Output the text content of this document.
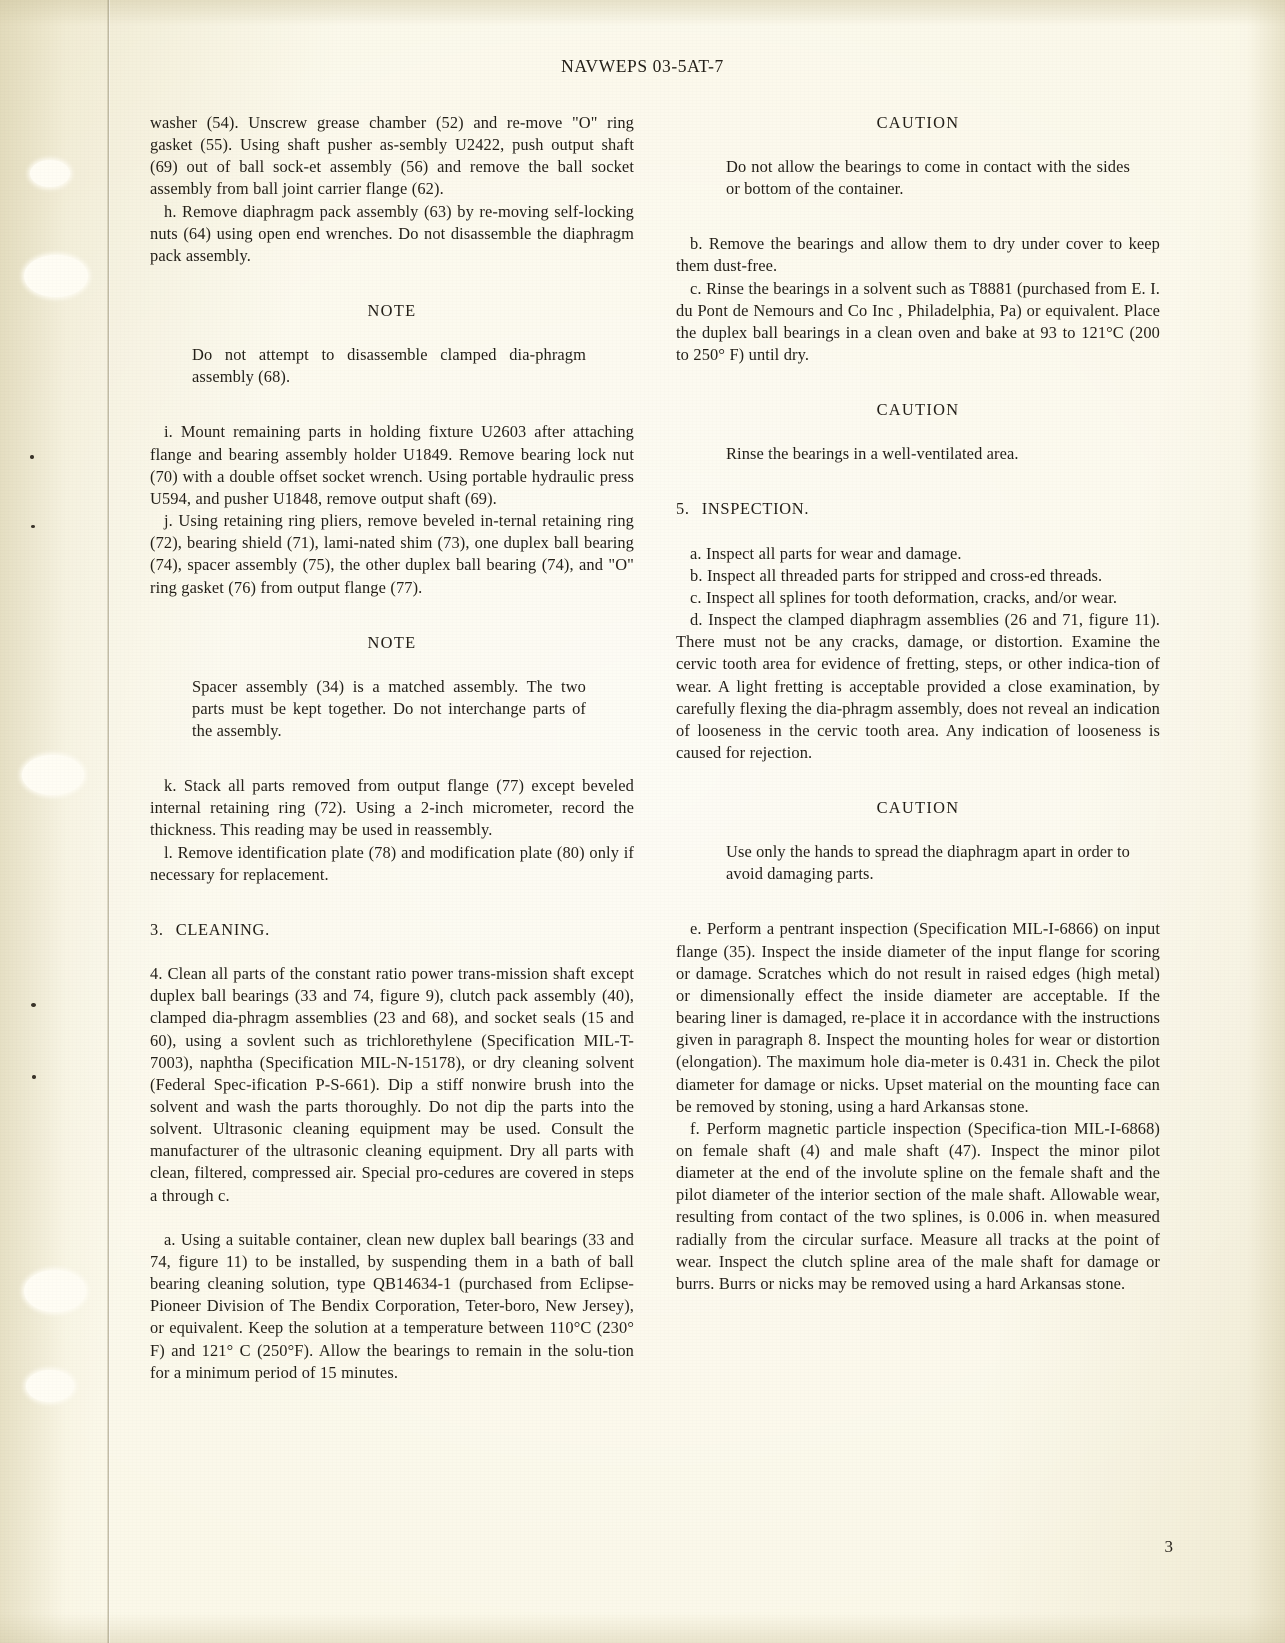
NAVWEPS 03-5AT-7

washer (54). Unscrew grease chamber (52) and re-move "O" ring gasket (55). Using shaft pusher as-sembly U2422, push output shaft (69) out of ball sock-et assembly (56) and remove the ball socket assembly from ball joint carrier flange (62).

h. Remove diaphragm pack assembly (63) by re-moving self-locking nuts (64) using open end wrenches. Do not disassemble the diaphragm pack assembly.

NOTE

Do not attempt to disassemble clamped dia-phragm assembly (68).

i. Mount remaining parts in holding fixture U2603 after attaching flange and bearing assembly holder U1849. Remove bearing lock nut (70) with a double offset socket wrench. Using portable hydraulic press U594, and pusher U1848, remove output shaft (69).

j. Using retaining ring pliers, remove beveled in-ternal retaining ring (72), bearing shield (71), lami-nated shim (73), one duplex ball bearing (74), spacer assembly (75), the other duplex ball bearing (74), and "O" ring gasket (76) from output flange (77).

NOTE

Spacer assembly (34) is a matched assembly. The two parts must be kept together. Do not interchange parts of the assembly.

k. Stack all parts removed from output flange (77) except beveled internal retaining ring (72). Using a 2-inch micrometer, record the thickness. This reading may be used in reassembly.

l. Remove identification plate (78) and modification plate (80) only if necessary for replacement.

3. CLEANING.

4. Clean all parts of the constant ratio power trans-mission shaft except duplex ball bearings (33 and 74, figure 9), clutch pack assembly (40), clamped dia-phragm assemblies (23 and 68), and socket seals (15 and 60), using a sovlent such as trichlorethylene (Specification MIL-T-7003), naphtha (Specification MIL-N-15178), or dry cleaning solvent (Federal Spec-ification P-S-661). Dip a stiff nonwire brush into the solvent and wash the parts thoroughly. Do not dip the parts into the solvent. Ultrasonic cleaning equipment may be used. Consult the manufacturer of the ultrasonic cleaning equipment. Dry all parts with clean, filtered, compressed air. Special pro-cedures are covered in steps a through c.

a. Using a suitable container, clean new duplex ball bearings (33 and 74, figure 11) to be installed, by suspending them in a bath of ball bearing cleaning solution, type QB14634-1 (purchased from Eclipse-Pioneer Division of The Bendix Corporation, Teter-boro, New Jersey), or equivalent. Keep the solution at a temperature between 110°C (230° F) and 121° C (250°F). Allow the bearings to remain in the solu-tion for a minimum period of 15 minutes.

CAUTION

Do not allow the bearings to come in contact with the sides or bottom of the container.

b. Remove the bearings and allow them to dry under cover to keep them dust-free.

c. Rinse the bearings in a solvent such as T8881 (purchased from E. I. du Pont de Nemours and Co Inc , Philadelphia, Pa) or equivalent. Place the duplex ball bearings in a clean oven and bake at 93 to 121°C (200 to 250° F) until dry.

CAUTION

Rinse the bearings in a well-ventilated area.

5. INSPECTION.

a. Inspect all parts for wear and damage.

b. Inspect all threaded parts for stripped and cross-ed threads.

c. Inspect all splines for tooth deformation, cracks, and/or wear.

d. Inspect the clamped diaphragm assemblies (26 and 71, figure 11). There must not be any cracks, damage, or distortion. Examine the cervic tooth area for evidence of fretting, steps, or other indica-tion of wear. A light fretting is acceptable provided a close examination, by carefully flexing the dia-phragm assembly, does not reveal an indication of looseness in the cervic tooth area. Any indication of looseness is caused for rejection.

CAUTION

Use only the hands to spread the diaphragm apart in order to avoid damaging parts.

e. Perform a pentrant inspection (Specification MIL-I-6866) on input flange (35). Inspect the inside diameter of the input flange for scoring or damage. Scratches which do not result in raised edges (high metal) or dimensionally effect the inside diameter are acceptable. If the bearing liner is damaged, re-place it in accordance with the instructions given in paragraph 8. Inspect the mounting holes for wear or distortion (elongation). The maximum hole dia-meter is 0.431 in. Check the pilot diameter for damage or nicks. Upset material on the mounting face can be removed by stoning, using a hard Arkansas stone.

f. Perform magnetic particle inspection (Specifica-tion MIL-I-6868) on female shaft (4) and male shaft (47). Inspect the minor pilot diameter at the end of the involute spline on the female shaft and the pilot diameter of the interior section of the male shaft. Allowable wear, resulting from contact of the two splines, is 0.006 in. when measured radially from the circular surface. Measure all tracks at the point of wear. Inspect the clutch spline area of the male shaft for damage or burrs. Burrs or nicks may be removed using a hard Arkansas stone.

3
